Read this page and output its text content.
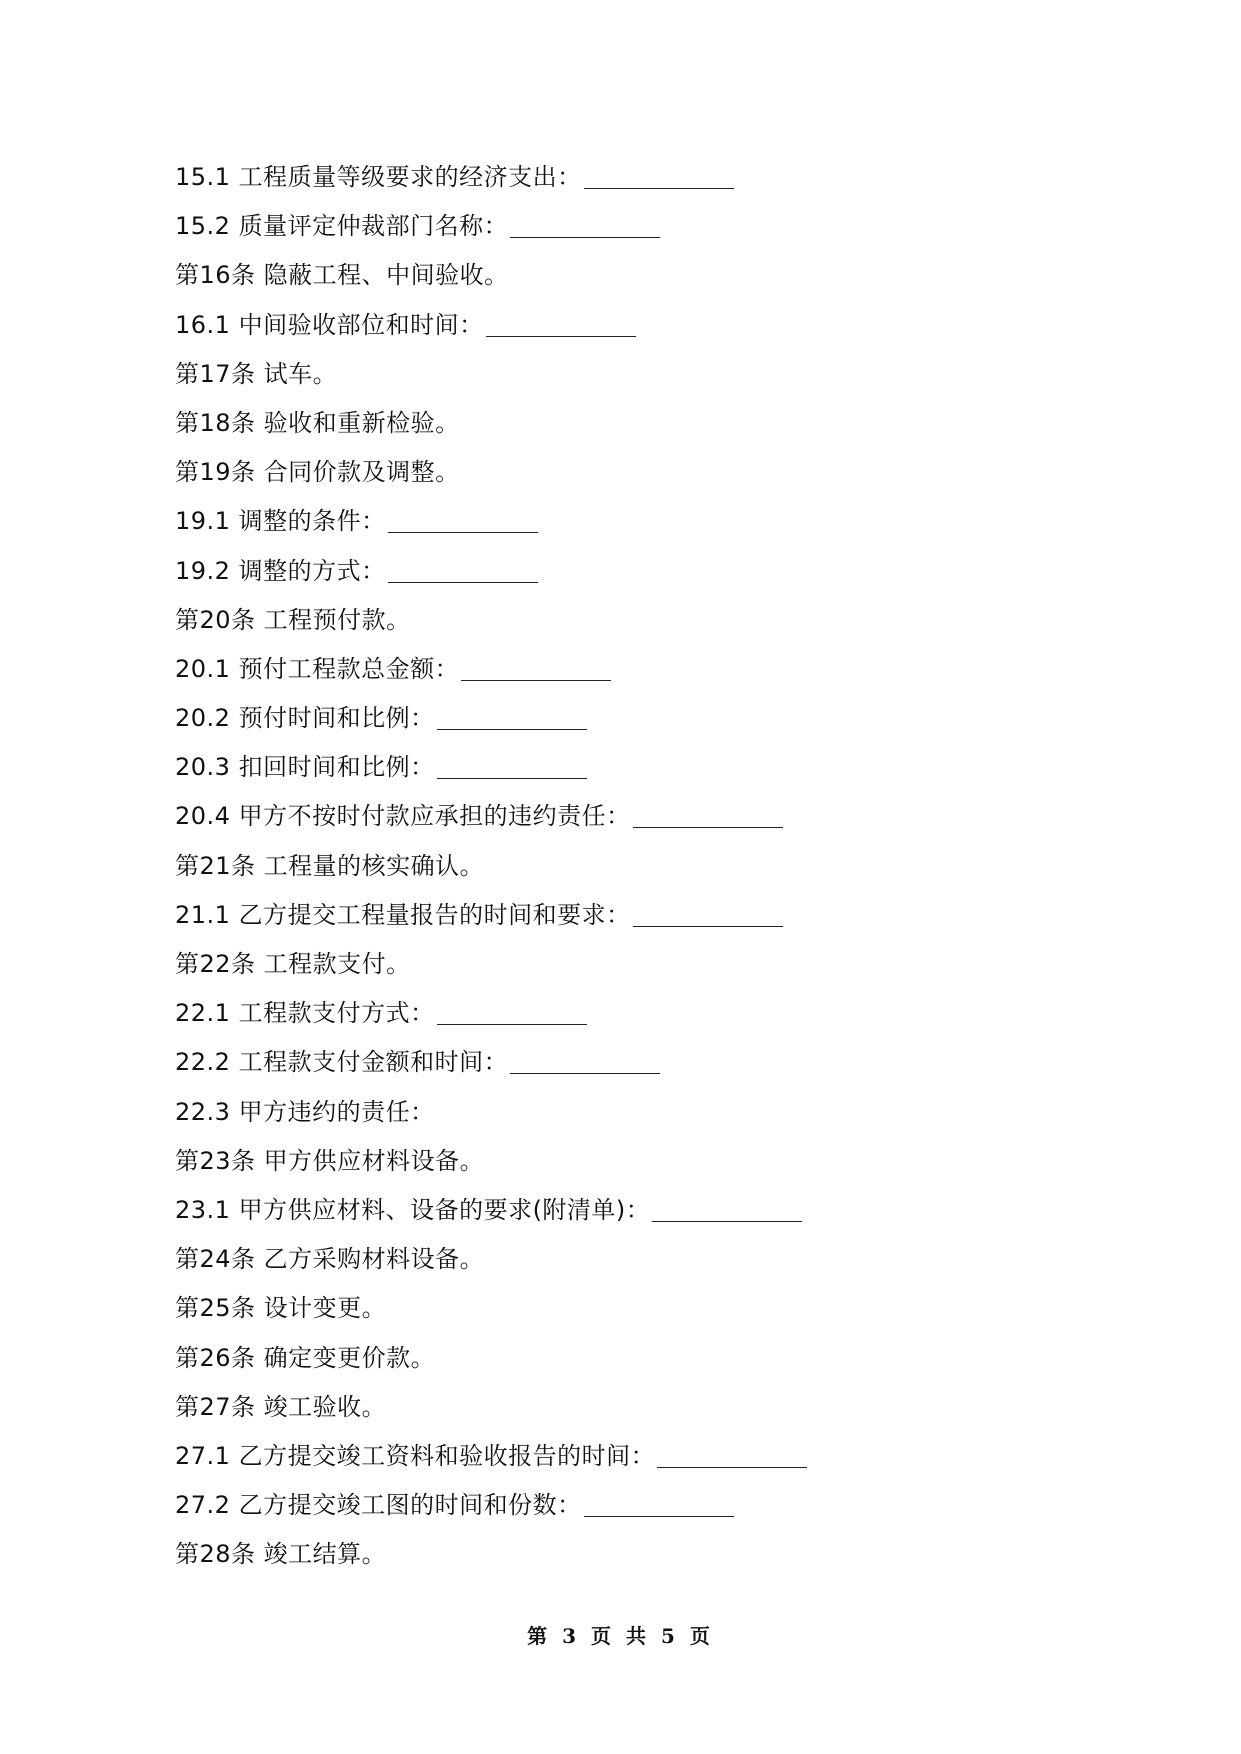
15.1 工程质量等级要求的经济支出：
15.2 质量评定仲裁部门名称：
第16条 隐蔽工程、中间验收。
16.1 中间验收部位和时间：
第17条 试车。
第18条 验收和重新检验。
第19条 合同价款及调整。
19.1 调整的条件：
19.2 调整的方式：
第20条 工程预付款。
20.1 预付工程款总金额：
20.2 预付时间和比例：
20.3 扣回时间和比例：
20.4 甲方不按时付款应承担的违约责任：
第21条 工程量的核实确认。
21.1 乙方提交工程量报告的时间和要求：
第22条 工程款支付。
22.1 工程款支付方式：
22.2 工程款支付金额和时间：
22.3 甲方违约的责任：
第23条 甲方供应材料设备。
23.1 甲方供应材料、设备的要求(附清单)：
第24条 乙方采购材料设备。
第25条 设计变更。
第26条 确定变更价款。
第27条 竣工验收。
27.1 乙方提交竣工资料和验收报告的时间：
27.2 乙方提交竣工图的时间和份数：
第28条 竣工结算。
第 3 页 共 5 页
